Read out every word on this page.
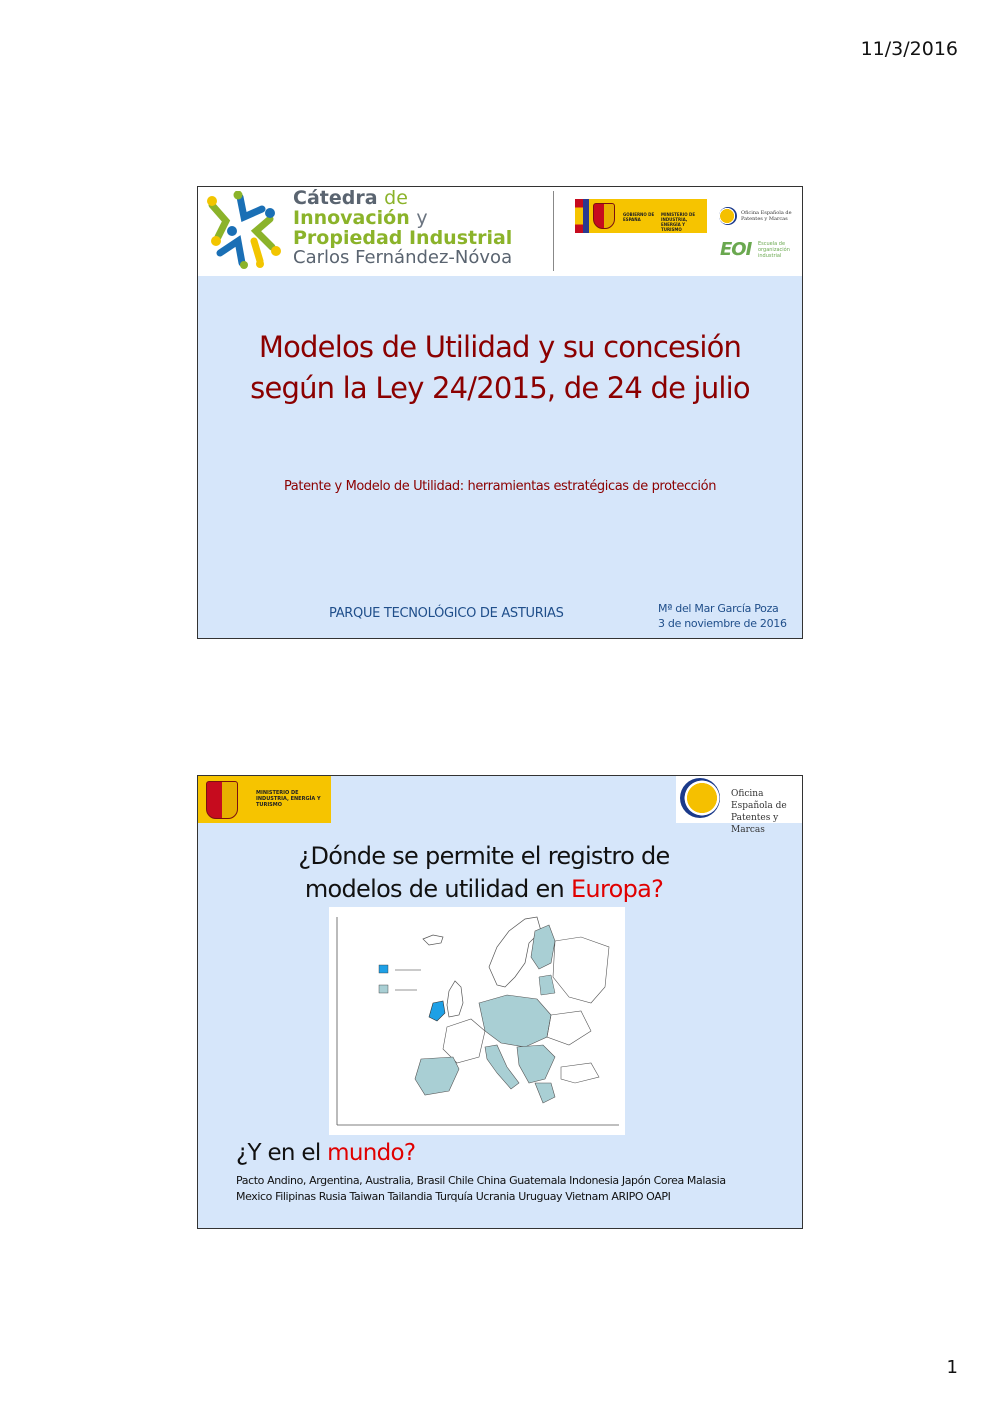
11/3/2016
Cátedra de
Innovación y
Propiedad Industrial
Carlos Fernández-Nóvoa
GOBIERNO DE ESPAÑA
MINISTERIO DE INDUSTRIA, ENERGÍA Y TURISMO
Oficina Española de Patentes y Marcas
EOI Escuela de organización industrial
Modelos de Utilidad y su concesión
según la Ley 24/2015, de 24 de julio
Patente y Modelo de Utilidad: herramientas estratégicas de protección
PARQUE TECNOLÓGICO DE ASTURIAS	Mª del Mar García Poza
3 de noviembre de 2016
MINISTERIO DE INDUSTRIA, ENERGÍA Y TURISMO
Oficina Española de Patentes y Marcas
¿Dónde se permite el registro de
modelos de utilidad en Europa?
¿Y en el mundo?
Pacto Andino, Argentina, Australia, Brasil Chile China Guatemala Indonesia Japón Corea Malasia
Mexico Filipinas Rusia Taiwan Tailandia Turquía Ucrania Uruguay Vietnam ARIPO OAPI
1
